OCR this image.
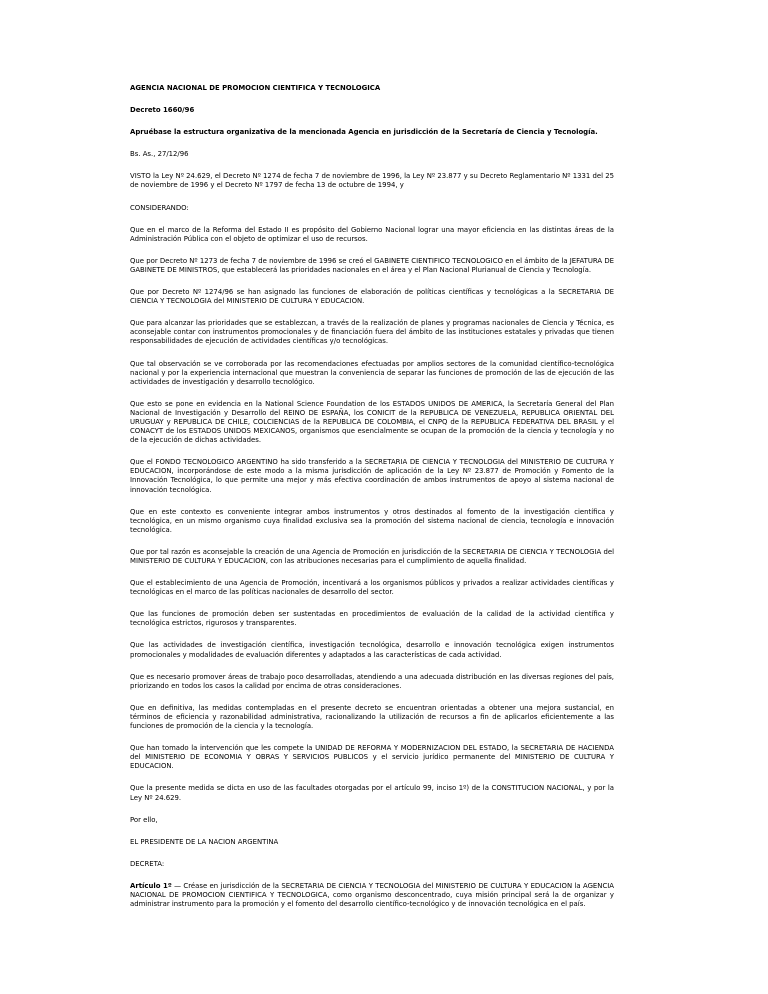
AGENCIA NACIONAL DE PROMOCION CIENTIFICA Y TECNOLOGICA

Decreto 1660/96

Apruébase la estructura organizativa de la mencionada Agencia en jurisdicción de la Secretaría de Ciencia y Tecnología.

Bs. As., 27/12/96

VISTO la Ley Nº 24.629, el Decreto Nº 1274 de fecha 7 de noviembre de 1996, la Ley Nº 23.877 y su Decreto Reglamentario Nº 1331 del 25 de noviembre de 1996 y el Decreto Nº 1797 de fecha 13 de octubre de 1994, y

CONSIDERANDO:

Que en el marco de la Reforma del Estado II es propósito del Gobierno Nacional lograr una mayor eficiencia en las distintas áreas de la Administración Pública con el objeto de optimizar el uso de recursos.

Que por Decreto Nº 1273 de fecha 7 de noviembre de 1996 se creó el GABINETE CIENTIFICO TECNOLOGICO en el ámbito de la JEFATURA DE GABINETE DE MINISTROS, que establecerá las prioridades nacionales en el área y el Plan Nacional Plurianual de Ciencia y Tecnología.

Que por Decreto Nº 1274/96 se han asignado las funciones de elaboración de políticas científicas y tecnológicas a la SECRETARIA DE CIENCIA Y TECNOLOGIA del MINISTERIO DE CULTURA Y EDUCACION.

Que para alcanzar las prioridades que se establezcan, a través de la realización de planes y programas nacionales de Ciencia y Técnica, es aconsejable contar con instrumentos promocionales y de financiación fuera del ámbito de las instituciones estatales y privadas que tienen responsabilidades de ejecución de actividades científicas y/o tecnológicas.

Que tal observación se ve corroborada por las recomendaciones efectuadas por amplios sectores de la comunidad científico-tecnológica nacional y por la experiencia internacional que muestran la conveniencia de separar las funciones de promoción de las de ejecución de las actividades de investigación y desarrollo tecnológico.

Que esto se pone en evidencia en la National Science Foundation de los ESTADOS UNIDOS DE AMERICA, la Secretaría General del Plan Nacional de Investigación y Desarrollo del REINO DE ESPAÑA, los CONICIT de la REPUBLICA DE VENEZUELA, REPUBLICA ORIENTAL DEL URUGUAY y REPUBLICA DE CHILE, COLCIENCIAS de la REPUBLICA DE COLOMBIA, el CNPQ de la REPUBLICA FEDERATIVA DEL BRASIL y el CONACYT de los ESTADOS UNIDOS MEXICANOS, organismos que esencialmente se ocupan de la promoción de la ciencia y tecnología y no de la ejecución de dichas actividades.

Que el FONDO TECNOLOGICO ARGENTINO ha sido transferido a la SECRETARIA DE CIENCIA Y TECNOLOGIA del MINISTERIO DE CULTURA Y EDUCACION, incorporándose de este modo a la misma jurisdicción de aplicación de la Ley Nº 23.877 de Promoción y Fomento de la Innovación Tecnológica, lo que permite una mejor y más efectiva coordinación de ambos instrumentos de apoyo al sistema nacional de innovación tecnológica.

Que en este contexto es conveniente integrar ambos instrumentos y otros destinados al fomento de la investigación científica y tecnológica, en un mismo organismo cuya finalidad exclusiva sea la promoción del sistema nacional de ciencia, tecnología e innovación tecnológica.

Que por tal razón es aconsejable la creación de una Agencia de Promoción en jurisdicción de la SECRETARIA DE CIENCIA Y TECNOLOGIA del MINISTERIO DE CULTURA Y EDUCACION, con las atribuciones necesarias para el cumplimiento de aquella finalidad.

Que el establecimiento de una Agencia de Promoción, incentivará a los organismos públicos y privados a realizar actividades científicas y tecnológicas en el marco de las políticas nacionales de desarrollo del sector.

Que las funciones de promoción deben ser sustentadas en procedimientos de evaluación de la calidad de la actividad científica y tecnológica estrictos, rigurosos y transparentes.

Que las actividades de investigación científica, investigación tecnológica, desarrollo e innovación tecnológica exigen instrumentos promocionales y modalidades de evaluación diferentes y adaptados a las características de cada actividad.

Que es necesario promover áreas de trabajo poco desarrolladas, atendiendo a una adecuada distribución en las diversas regiones del país, priorizando en todos los casos la calidad por encima de otras consideraciones.

Que en definitiva, las medidas contempladas en el presente decreto se encuentran orientadas a obtener una mejora sustancial, en términos de eficiencia y razonabilidad administrativa, racionalizando la utilización de recursos a fin de aplicarlos eficientemente a las funciones de promoción de la ciencia y la tecnología.

Que han tomado la intervención que les compete la UNIDAD DE REFORMA Y MODERNIZACION DEL ESTADO, la SECRETARIA DE HACIENDA del MINISTERIO DE ECONOMIA Y OBRAS Y SERVICIOS PUBLICOS y el servicio jurídico permanente del MINISTERIO DE CULTURA Y EDUCACION.

Que la presente medida se dicta en uso de las facultades otorgadas por el artículo 99, inciso 1º) de la CONSTITUCION NACIONAL, y por la Ley Nº 24.629.

Por ello,

EL PRESIDENTE DE LA NACION ARGENTINA

DECRETA:

Artículo 1º — Créase en jurisdicción de la SECRETARIA DE CIENCIA Y TECNOLOGIA del MINISTERIO DE CULTURA Y EDUCACION la AGENCIA NACIONAL DE PROMOCION CIENTIFICA Y TECNOLOGICA, como organismo desconcentrado, cuya misión principal será la de organizar y administrar instrumento para la promoción y el fomento del desarrollo científico-tecnológico y de innovación tecnológica en el país.
